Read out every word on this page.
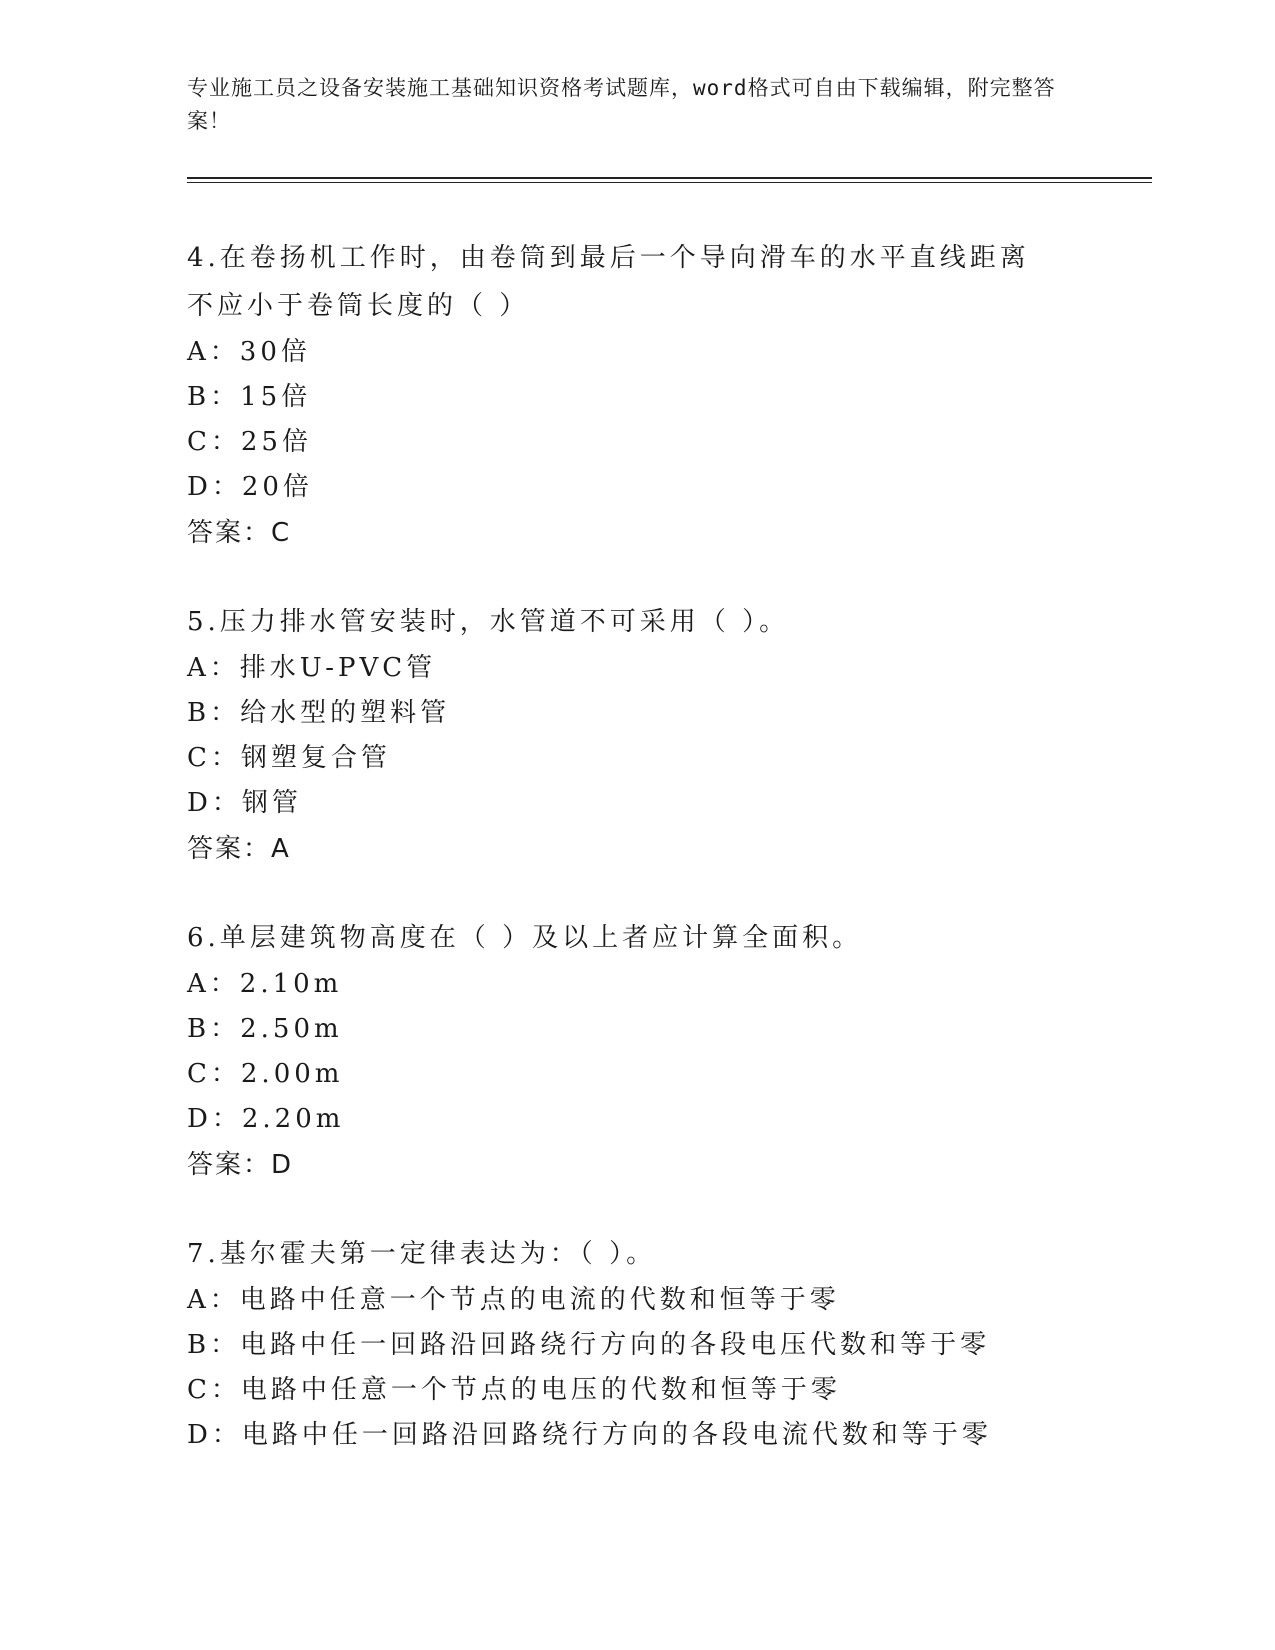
专业施工员之设备安装施工基础知识资格考试题库，word格式可自由下载编辑，附完整答案！
4.在卷扬机工作时，由卷筒到最后一个导向滑车的水平直线距离不应小于卷筒长度的（ ）
A：30倍
B：15倍
C：25倍
D：20倍
答案：C
5.压力排水管安装时，水管道不可采用（ ）。
A：排水U-PVC管
B：给水型的塑料管
C：钢塑复合管
D：钢管
答案：A
6.单层建筑物高度在（ ）及以上者应计算全面积。
A：2.10m
B：2.50m
C：2.00m
D：2.20m
答案：D
7.基尔霍夫第一定律表达为：（ ）。
A：电路中任意一个节点的电流的代数和恒等于零
B：电路中任一回路沿回路绕行方向的各段电压代数和等于零
C：电路中任意一个节点的电压的代数和恒等于零
D：电路中任一回路沿回路绕行方向的各段电流代数和等于零
